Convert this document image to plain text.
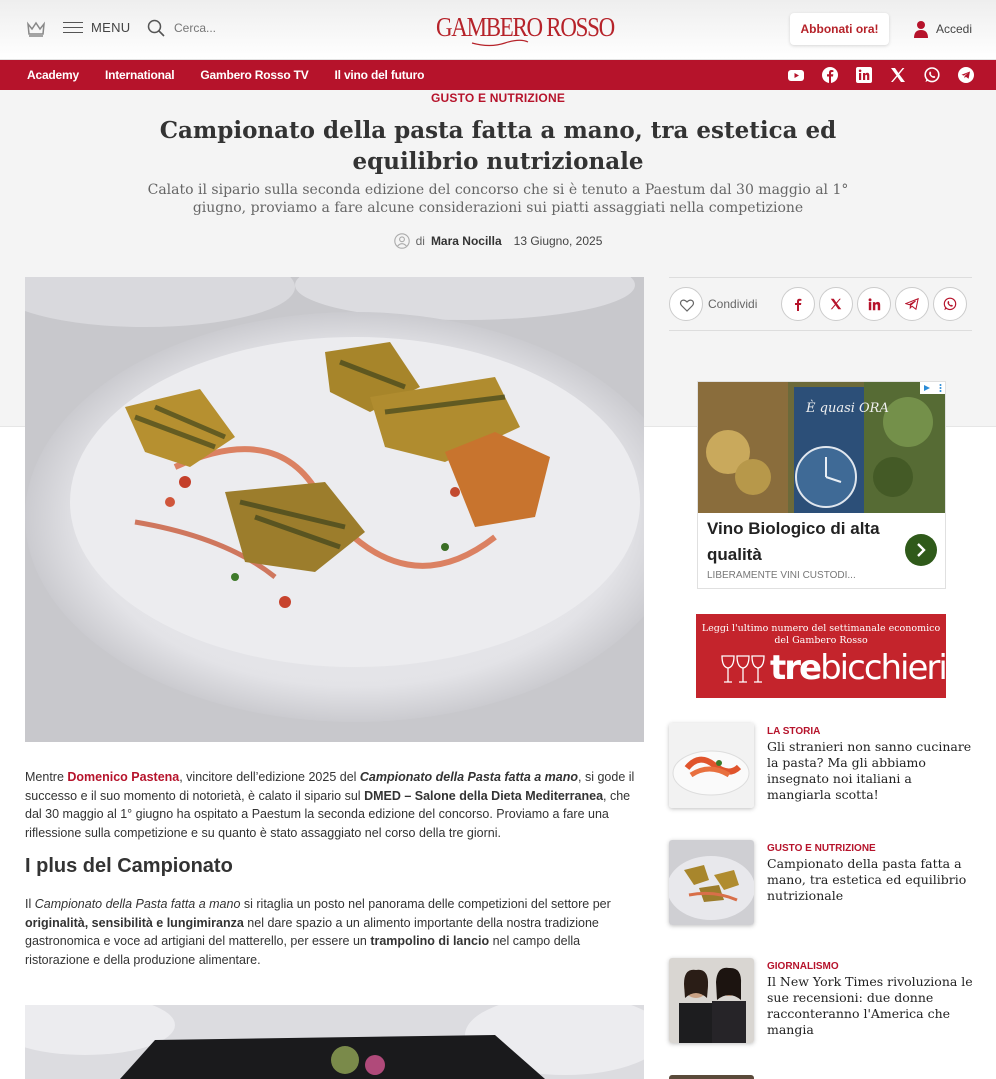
MENU	Cerca...	GAMBERO ROSSO	Abbonati ora!	Accedi
Academy International Gambero Rosso TV Il vino del futuro
GUSTO E NUTRIZIONE
Campionato della pasta fatta a mano, tra estetica ed equilibrio nutrizionale

Calato il sipario sulla seconda edizione del concorso che si è tenuto a Paestum dal 30 maggio al 1° giugno, proviamo a fare alcune considerazioni sui piatti assaggiati nella competizione

di Mara Nocilla 13 Giugno, 2025
Condividi
È quasi ORA
Vino Biologico di alta qualità
LIBERAMENTE VINI CUSTODI...
Leggi l'ultimo numero del settimanale economico del Gambero Rosso
trebicchieri
LA STORIA
Gli stranieri non sanno cucinare la pasta? Ma gli abbiamo insegnato noi italiani a mangiarla scotta!
GUSTO E NUTRIZIONE
Campionato della pasta fatta a mano, tra estetica ed equilibrio nutrizionale
GIORNALISMO
Il New York Times rivoluziona le sue recensioni: due donne racconteranno l'America che mangia

Mentre Domenico Pastena, vincitore dell’edizione 2025 del Campionato della Pasta fatta a mano, si gode il successo e il suo momento di notorietà, è calato il sipario sul DMED – Salone della Dieta Mediterranea, che dal 30 maggio al 1° giugno ha ospitato a Paestum la seconda edizione del concorso. Proviamo a fare una riflessione sulla competizione e su quanto è stato assaggiato nel corso della tre giorni.

I plus del Campionato

Il Campionato della Pasta fatta a mano si ritaglia un posto nel panorama delle competizioni del settore per originalità, sensibilità e lungimiranza nel dare spazio a un alimento importante della nostra tradizione gastronomica e voce ad artigiani del matterello, per essere un trampolino di lancio nel campo della ristorazione e della produzione alimentare.
